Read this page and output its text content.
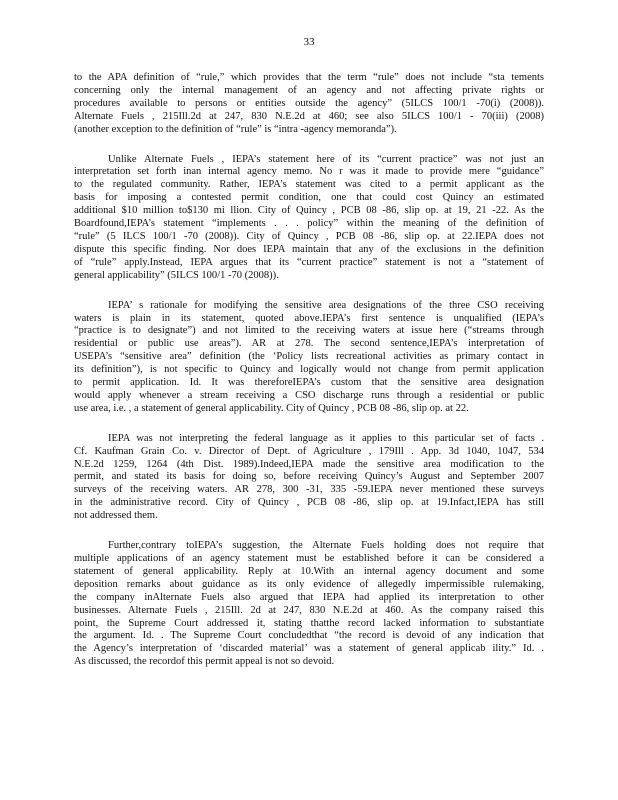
33
to the APA definition of “rule,” which provides that the term “rule” does not include “sta tements
concerning only the internal management of an agency and not affecting private rights or
procedures available to persons or entities outside the agency” (5ILCS 100/1 -70(i) (2008)).
Alternate Fuels , 215Ill.2d at 247, 830 N.E.2d at 460; see also 5ILCS 100/1 - 70(iii) (2008)
(another exception to the definition of “rule” is “intra -agency memoranda”).
Unlike Alternate Fuels , IEPA’s statement here of its “current practice” was not just an
interpretation set forth inan internal agency memo. No r was it made to provide mere “guidance”
to the regulated community. Rather, IEPA’s statement was cited to a permit applicant as the
basis for imposing a contested permit condition, one that could cost Quincy an estimated
additional $10 million to$130 mi llion. City of Quincy , PCB 08 -86, slip op. at 19, 21 -22. As the
Boardfound,IEPA’s statement “implements . . . policy” within the meaning of the definition of
“rule” (5 ILCS 100/1 -70 (2008)). City of Quincy , PCB 08 -86, slip op. at 22.IEPA does not
dispute this specific finding. Nor does IEPA maintain that any of the exclusions in the definition
of “rule” apply.Instead, IEPA argues that its “current practice” statement is not a “statement of
general applicability” (5ILCS 100/1 -70 (2008)).
IEPA’ s rationale for modifying the sensitive area designations of the three CSO receiving
waters is plain in its statement, quoted above.IEPA’s first sentence is unqualified (IEPA’s
“practice is to designate”) and not limited to the receiving waters at issue here (“streams through
residential or public use areas”). AR at 278. The second sentence,IEPA’s interpretation of
USEPA’s “sensitive area” definition (the ‘Policy lists recreational activities as primary contact in
its definition”), is not specific to Quincy and logically would not change from permit application
to permit application. Id. It was thereforeIEPA’s custom that the sensitive area designation
would apply whenever a stream receiving a CSO discharge runs through a residential or public
use area, i.e. , a statement of general applicability. City of Quincy , PCB 08 -86, slip op. at 22.
IEPA was not interpreting the federal language as it applies to this particular set of facts .
Cf. Kaufman Grain Co. v. Director of Dept. of Agriculture , 179Ill . App. 3d 1040, 1047, 534
N.E.2d 1259, 1264 (4th Dist. 1989).Indeed,IEPA made the sensitive area modification to the
permit, and stated its basis for doing so, before receiving Quincy’s August and September 2007
surveys of the receiving waters. AR 278, 300 -31, 335 -59.IEPA never mentioned these surveys
in the administrative record. City of Quincy , PCB 08 -86, slip op. at 19.Infact,IEPA has still
not addressed them.
Further,contrary toIEPA’s suggestion, the Alternate Fuels holding does not require that
multiple applications of an agency statement must be established before it can be considered a
statement of general applicability. Reply at 10.With an internal agency document and some
deposition remarks about guidance as its only evidence of allegedly impermissible rulemaking,
the company inAlternate Fuels also argued that IEPA had applied its interpretation to other
businesses. Alternate Fuels , 215Ill. 2d at 247, 830 N.E.2d at 460. As the company raised this
point, the Supreme Court addressed it, stating thatthe record lacked information to substantiate
the argument. Id. . The Supreme Court concludedthat “the record is devoid of any indication that
the Agency’s interpretation of ‘discarded material’ was a statement of general applicab ility.” Id. .
As discussed, the recordof this permit appeal is not so devoid.
